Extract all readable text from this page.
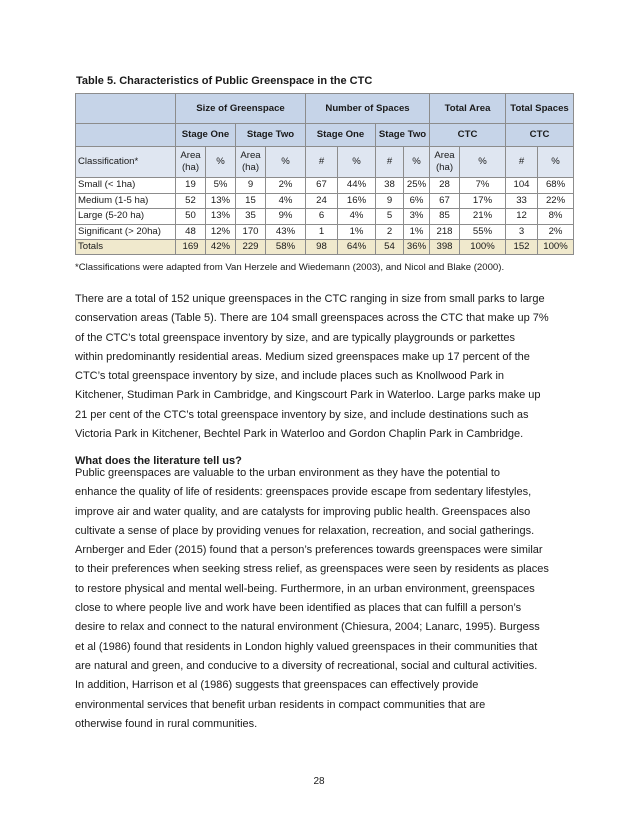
Table 5. Characteristics of Public Greenspace in the CTC
	Size of Greenspace				Number of Spaces				Total Area		Total Spaces	
	Stage One		Stage Two		Stage One		Stage Two		CTC		CTC	
Classification*	Area (ha)	%	Area (ha)	%	#	%	#	%	Area (ha)	%	#	%
Small (< 1ha)	19	5%	9	2%	67	44%	38	25%	28	7%	104	68%
Medium (1-5 ha)	52	13%	15	4%	24	16%	9	6%	67	17%	33	22%
Large (5-20 ha)	50	13%	35	9%	6	4%	5	3%	85	21%	12	8%
Significant (> 20ha)	48	12%	170	43%	1	1%	2	1%	218	55%	3	2%
Totals	169	42%	229	58%	98	64%	54	36%	398	100%	152	100%
*Classifications were adapted from Van Herzele and Wiedemann (2003), and Nicol and Blake (2000).
There are a total of 152 unique greenspaces in the CTC ranging in size from small parks to large
conservation areas (Table 5). There are 104 small greenspaces across the CTC that make up 7%
of the CTC’s total greenspace inventory by size, and are typically playgrounds or parkettes
within predominantly residential areas. Medium sized greenspaces make up 17 percent of the
CTC’s total greenspace inventory by size, and include places such as Knollwood Park in
Kitchener, Studiman Park in Cambridge, and Kingscourt Park in Waterloo. Large parks make up
21 per cent of the CTC’s total greenspace inventory by size, and include destinations such as
Victoria Park in Kitchener, Bechtel Park in Waterloo and Gordon Chaplin Park in Cambridge.
What does the literature tell us?
Public greenspaces are valuable to the urban environment as they have the potential to
enhance the quality of life of residents: greenspaces provide escape from sedentary lifestyles,
improve air and water quality, and are catalysts for improving public health. Greenspaces also
cultivate a sense of place by providing venues for relaxation, recreation, and social gatherings.
Arnberger and Eder (2015) found that a person’s preferences towards greenspaces were similar
to their preferences when seeking stress relief, as greenspaces were seen by residents as places
to restore physical and mental well-being. Furthermore, in an urban environment, greenspaces
close to where people live and work have been identified as places that can fulfill a person’s
desire to relax and connect to the natural environment (Chiesura, 2004; Lanarc, 1995). Burgess
et al (1986) found that residents in London highly valued greenspaces in their communities that
are natural and green, and conducive to a diversity of recreational, social and cultural activities.
In addition, Harrison et al (1986) suggests that greenspaces can effectively provide
environmental services that benefit urban residents in compact communities that are
otherwise found in rural communities.
28
